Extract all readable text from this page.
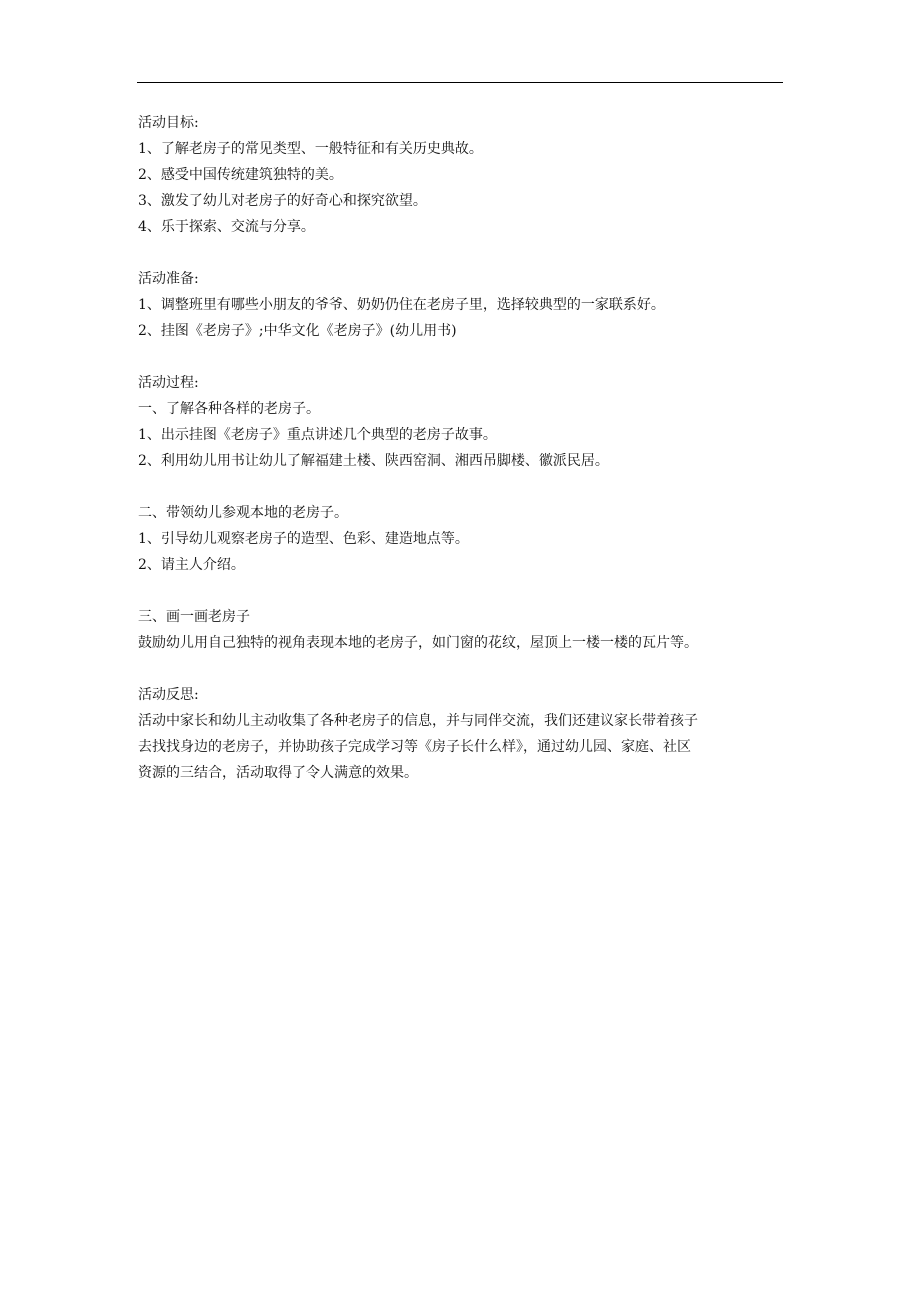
活动目标:

1、了解老房子的常见类型、一般特征和有关历史典故。

2、感受中国传统建筑独特的美。

3、激发了幼儿对老房子的好奇心和探究欲望。

4、乐于探索、交流与分享。

活动准备:

1、调整班里有哪些小朋友的爷爷、奶奶仍住在老房子里，选择较典型的一家联系好。

2、挂图《老房子》;中华文化《老房子》(幼儿用书)

活动过程:

一、了解各种各样的老房子。

1、出示挂图《老房子》重点讲述几个典型的老房子故事。

2、利用幼儿用书让幼儿了解福建土楼、陕西窑洞、湘西吊脚楼、徽派民居。

二、带领幼儿参观本地的老房子。

1、引导幼儿观察老房子的造型、色彩、建造地点等。

2、请主人介绍。

三、画一画老房子

鼓励幼儿用自己独特的视角表现本地的老房子，如门窗的花纹，屋顶上一楼一楼的瓦片等。

活动反思:

活动中家长和幼儿主动收集了各种老房子的信息，并与同伴交流，我们还建议家长带着孩子

去找找身边的老房子，并协助孩子完成学习等《房子长什么样》，通过幼儿园、家庭、社区

资源的三结合，活动取得了令人满意的效果。
